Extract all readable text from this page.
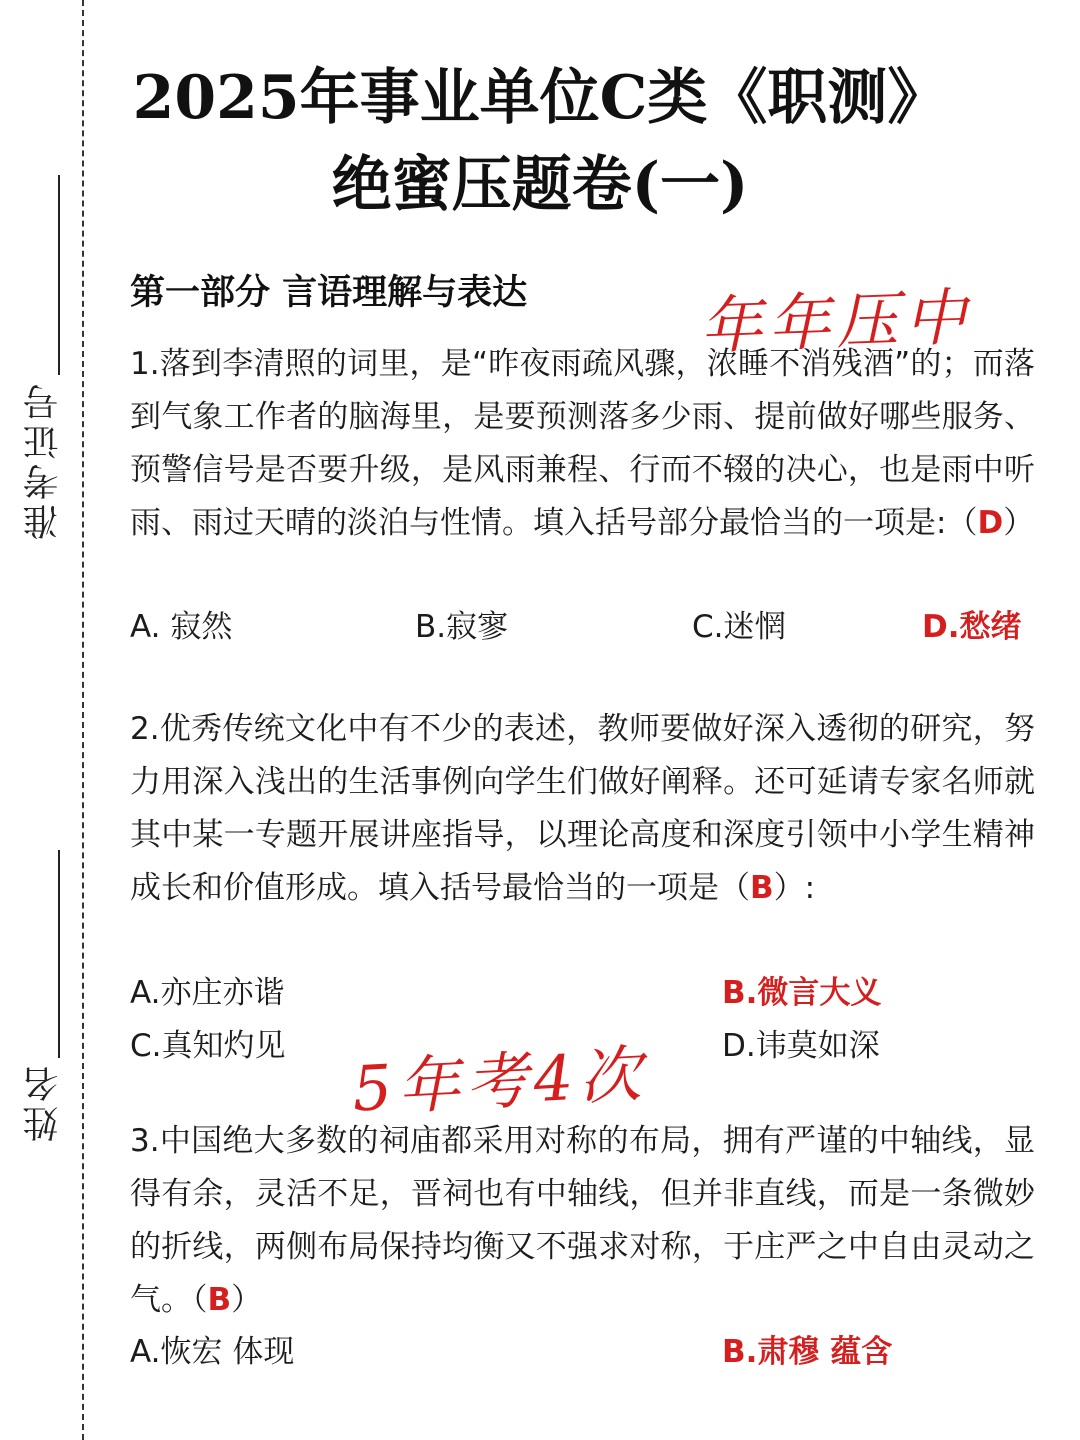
准考证号
姓名
2025年事业单位C类《职测》
绝蜜压题卷(一)
第一部分 言语理解与表达	年年压中

1.落到李清照的词里，是“昨夜雨疏风骤，浓睡不消残酒”的；而落到气象工作者的脑海里，是要预测落多少雨、提前做好哪些服务、预警信号是否要升级，是风雨兼程、行而不辍的决心，也是雨中听雨、雨过天晴的淡泊与性情。填入括号部分最恰当的一项是:（D）

A. 寂然	B.寂寥	C.迷惘	D.愁绪

2.优秀传统文化中有不少的表述，教师要做好深入透彻的研究，努力用深入浅出的生活事例向学生们做好阐释。还可延请专家名师就其中某一专题开展讲座指导，以理论高度和深度引领中小学生精神成长和价值形成。填入括号最恰当的一项是（B）:

A.亦庄亦谐	B.微言大义
C.真知灼见	D.讳莫如深
5年考4次

3.中国绝大多数的祠庙都采用对称的布局，拥有严谨的中轴线，显得有余，灵活不足，晋祠也有中轴线，但并非直线，而是一条微妙的折线，两侧布局保持均衡又不强求对称，于庄严之中自由灵动之气。（B）

A.恢宏 体现	B.肃穆 蕴含
